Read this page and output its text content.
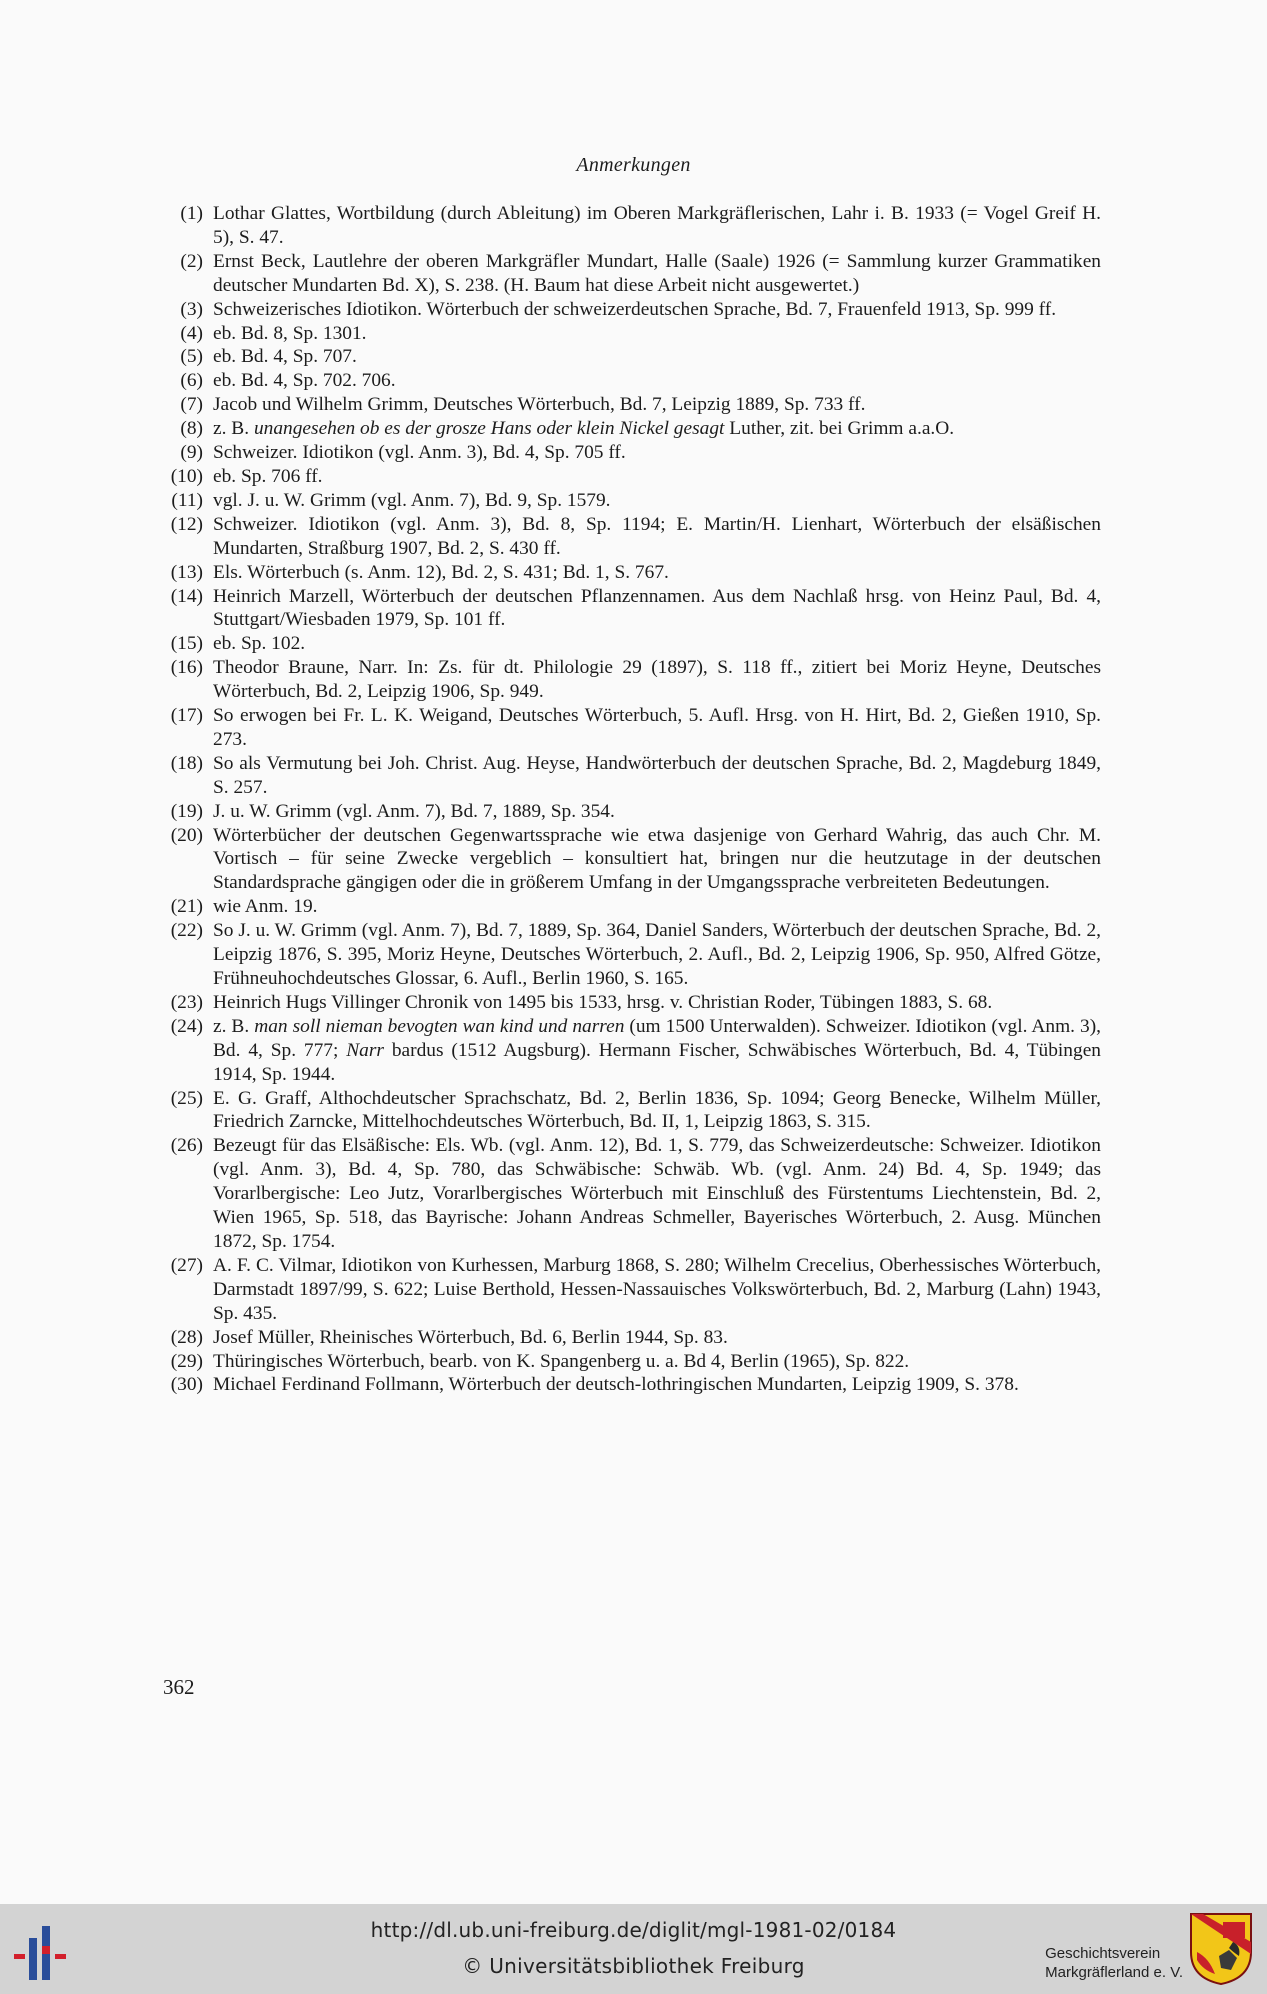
Anmerkungen
(1) Lothar Glattes, Wortbildung (durch Ableitung) im Oberen Markgräflerischen, Lahr i. B. 1933 (= Vogel Greif H. 5), S. 47.
(2) Ernst Beck, Lautlehre der oberen Markgräfler Mundart, Halle (Saale) 1926 (= Sammlung kurzer Grammatiken deutscher Mundarten Bd. X), S. 238. (H. Baum hat diese Arbeit nicht ausgewertet.)
(3) Schweizerisches Idiotikon. Wörterbuch der schweizerdeutschen Sprache, Bd. 7, Frauenfeld 1913, Sp. 999 ff.
(4) eb. Bd. 8, Sp. 1301.
(5) eb. Bd. 4, Sp. 707.
(6) eb. Bd. 4, Sp. 702. 706.
(7) Jacob und Wilhelm Grimm, Deutsches Wörterbuch, Bd. 7, Leipzig 1889, Sp. 733 ff.
(8) z. B. unangesehen ob es der grosze Hans oder klein Nickel gesagt Luther, zit. bei Grimm a.a.O.
(9) Schweizer. Idiotikon (vgl. Anm. 3), Bd. 4, Sp. 705 ff.
(10) eb. Sp. 706 ff.
(11) vgl. J. u. W. Grimm (vgl. Anm. 7), Bd. 9, Sp. 1579.
(12) Schweizer. Idiotikon (vgl. Anm. 3), Bd. 8, Sp. 1194; E. Martin/H. Lienhart, Wörterbuch der elsäßischen Mundarten, Straßburg 1907, Bd. 2, S. 430 ff.
(13) Els. Wörterbuch (s. Anm. 12), Bd. 2, S. 431; Bd. 1, S. 767.
(14) Heinrich Marzell, Wörterbuch der deutschen Pflanzennamen. Aus dem Nachlaß hrsg. von Heinz Paul, Bd. 4, Stuttgart/Wiesbaden 1979, Sp. 101 ff.
(15) eb. Sp. 102.
(16) Theodor Braune, Narr. In: Zs. für dt. Philologie 29 (1897), S. 118 ff., zitiert bei Moriz Heyne, Deutsches Wörterbuch, Bd. 2, Leipzig 1906, Sp. 949.
(17) So erwogen bei Fr. L. K. Weigand, Deutsches Wörterbuch, 5. Aufl. Hrsg. von H. Hirt, Bd. 2, Gießen 1910, Sp. 273.
(18) So als Vermutung bei Joh. Christ. Aug. Heyse, Handwörterbuch der deutschen Sprache, Bd. 2, Magdeburg 1849, S. 257.
(19) J. u. W. Grimm (vgl. Anm. 7), Bd. 7, 1889, Sp. 354.
(20) Wörterbücher der deutschen Gegenwartssprache wie etwa dasjenige von Gerhard Wahrig, das auch Chr. M. Vortisch – für seine Zwecke vergeblich – konsultiert hat, bringen nur die heutzutage in der deutschen Standardsprache gängigen oder die in größerem Umfang in der Umgangssprache verbreiteten Bedeutungen.
(21) wie Anm. 19.
(22) So J. u. W. Grimm (vgl. Anm. 7), Bd. 7, 1889, Sp. 364, Daniel Sanders, Wörterbuch der deutschen Sprache, Bd. 2, Leipzig 1876, S. 395, Moriz Heyne, Deutsches Wörterbuch, 2. Aufl., Bd. 2, Leipzig 1906, Sp. 950, Alfred Götze, Frühneuhochdeutsches Glossar, 6. Aufl., Berlin 1960, S. 165.
(23) Heinrich Hugs Villinger Chronik von 1495 bis 1533, hrsg. v. Christian Roder, Tübingen 1883, S. 68.
(24) z. B. man soll nieman bevogten wan kind und narren (um 1500 Unterwalden). Schweizer. Idiotikon (vgl. Anm. 3), Bd. 4, Sp. 777; Narr bardus (1512 Augsburg). Hermann Fischer, Schwäbisches Wörterbuch, Bd. 4, Tübingen 1914, Sp. 1944.
(25) E. G. Graff, Althochdeutscher Sprachschatz, Bd. 2, Berlin 1836, Sp. 1094; Georg Benecke, Wilhelm Müller, Friedrich Zarncke, Mittelhochdeutsches Wörterbuch, Bd. II, 1, Leipzig 1863, S. 315.
(26) Bezeugt für das Elsäßische: Els. Wb. (vgl. Anm. 12), Bd. 1, S. 779, das Schweizerdeutsche: Schweizer. Idiotikon (vgl. Anm. 3), Bd. 4, Sp. 780, das Schwäbische: Schwäb. Wb. (vgl. Anm. 24) Bd. 4, Sp. 1949; das Vorarlbergische: Leo Jutz, Vorarlbergisches Wörterbuch mit Einschluß des Fürstentums Liechtenstein, Bd. 2, Wien 1965, Sp. 518, das Bayrische: Johann Andreas Schmeller, Bayerisches Wörterbuch, 2. Ausg. München 1872, Sp. 1754.
(27) A. F. C. Vilmar, Idiotikon von Kurhessen, Marburg 1868, S. 280; Wilhelm Crecelius, Oberhessisches Wörterbuch, Darmstadt 1897/99, S. 622; Luise Berthold, Hessen-Nassauisches Volkswörterbuch, Bd. 2, Marburg (Lahn) 1943, Sp. 435.
(28) Josef Müller, Rheinisches Wörterbuch, Bd. 6, Berlin 1944, Sp. 83.
(29) Thüringisches Wörterbuch, bearb. von K. Spangenberg u. a. Bd 4, Berlin (1965), Sp. 822.
(30) Michael Ferdinand Follmann, Wörterbuch der deutsch-lothringischen Mundarten, Leipzig 1909, S. 378.
362
http://dl.ub.uni-freiburg.de/diglit/mgl-1981-02/0184
© Universitätsbibliothek Freiburg
Geschichtsverein
Markgräflerland e. V.
